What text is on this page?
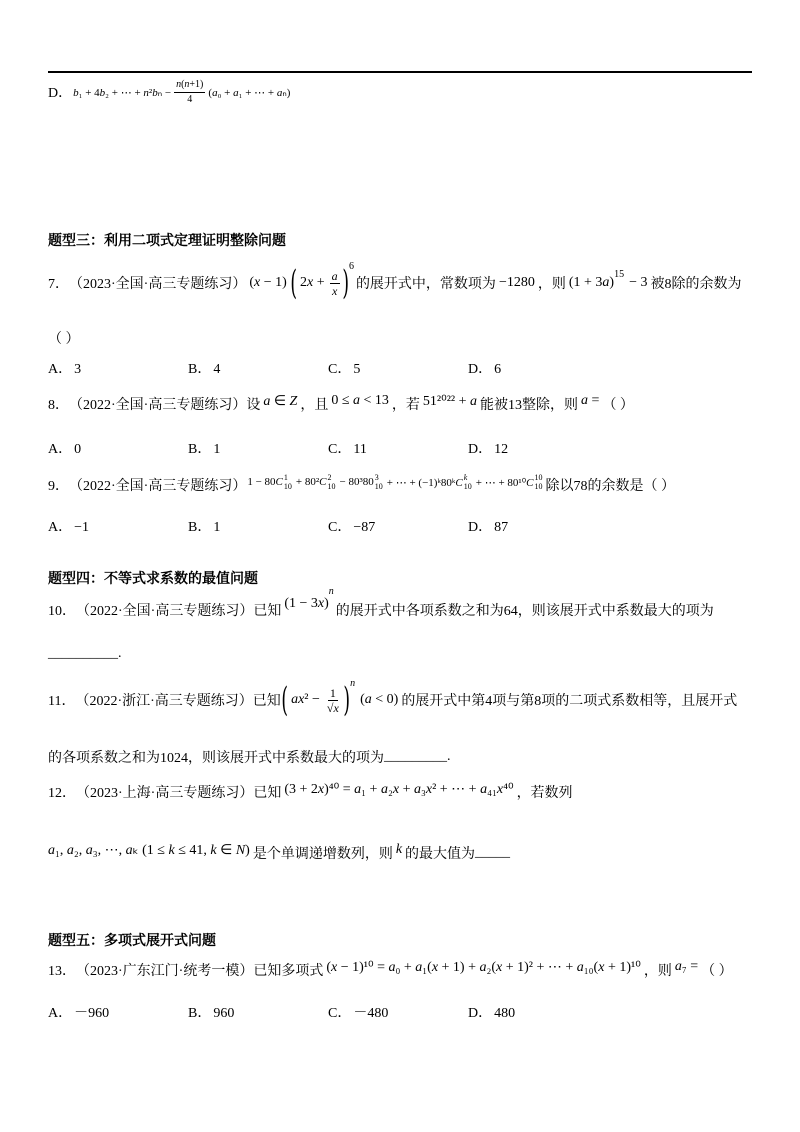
D． b₁ + 4b₂ + ⋯ + $n^2b_n - \frac{n(n+1)}{4} (a_0 + a_1$ + ⋯ + aₙ)
题型三：利用二项式定理证明整除问题
7． （2023·全国·高三专题练习） (x − 1) ( $2x + \frac{a}{x}$ ) 6
的展开式中，常数项为 −1280 ，则 (1 + 3a)
15
− 3 被8除的余数为
（ ）
A． 3	B． 4	C． 5	D． 6
8． （2022·全国·高三专题练习）设 a ∈ Z ，且 0 ≤ a < 13 ，若 51²⁰²² + a 能被13整除，则 a = （ ）
A． 0	B． 1	C． 11	D． 12
9． （2022·全国·高三专题练习） 1 − 80C 1
10 + 80²C 2
10 − 80³80 3
10 + ⋯ + (−1)ᵏ80ᵏC k
10 + ⋯ + 80¹⁰C 10
10 除以78的余数是（ ）
A． −1	B． 1	C． −87	D． 87
题型四：不等式求系数的最值问题
10． （2022·全国·高三专题练习）已知
(1 − 3x)
n
的展开式中各项系数之和为64，则该展开式中系数最大的项为
__________ .
11． （2022·浙江·高三专题练习）已知 ( $ax^2 - \frac{1}{√x}$ ) n
(a < 0) 的展开式中第4项与第8项的二项式系数相等，且展开式
的各项系数之和为1024，则该展开式中系数最大的项为 _________ .
12． （2023·上海·高三专题练习）已知 (3 + 2x)⁴⁰ = a₁ + a₂x + a₃x² + ⋯ + a₄₁x⁴⁰ ，若数列
a₁, a₂, a₃, ⋯, aₖ (1 ≤ k ≤ 41, k ∈ N) 是个单调递增数列，则 k 的最大值为 _____
题型五：多项式展开式问题
13． （2023·广东江门·统考一模）已知多项式 (x − 1)¹⁰ = a₀ + a₁(x + 1) + a₂(x + 1)² + ⋯ + a₁₀(x + 1)¹⁰ ，则 a₇ = （ ）
A． －960	B． 960	C． －480	D． 480
